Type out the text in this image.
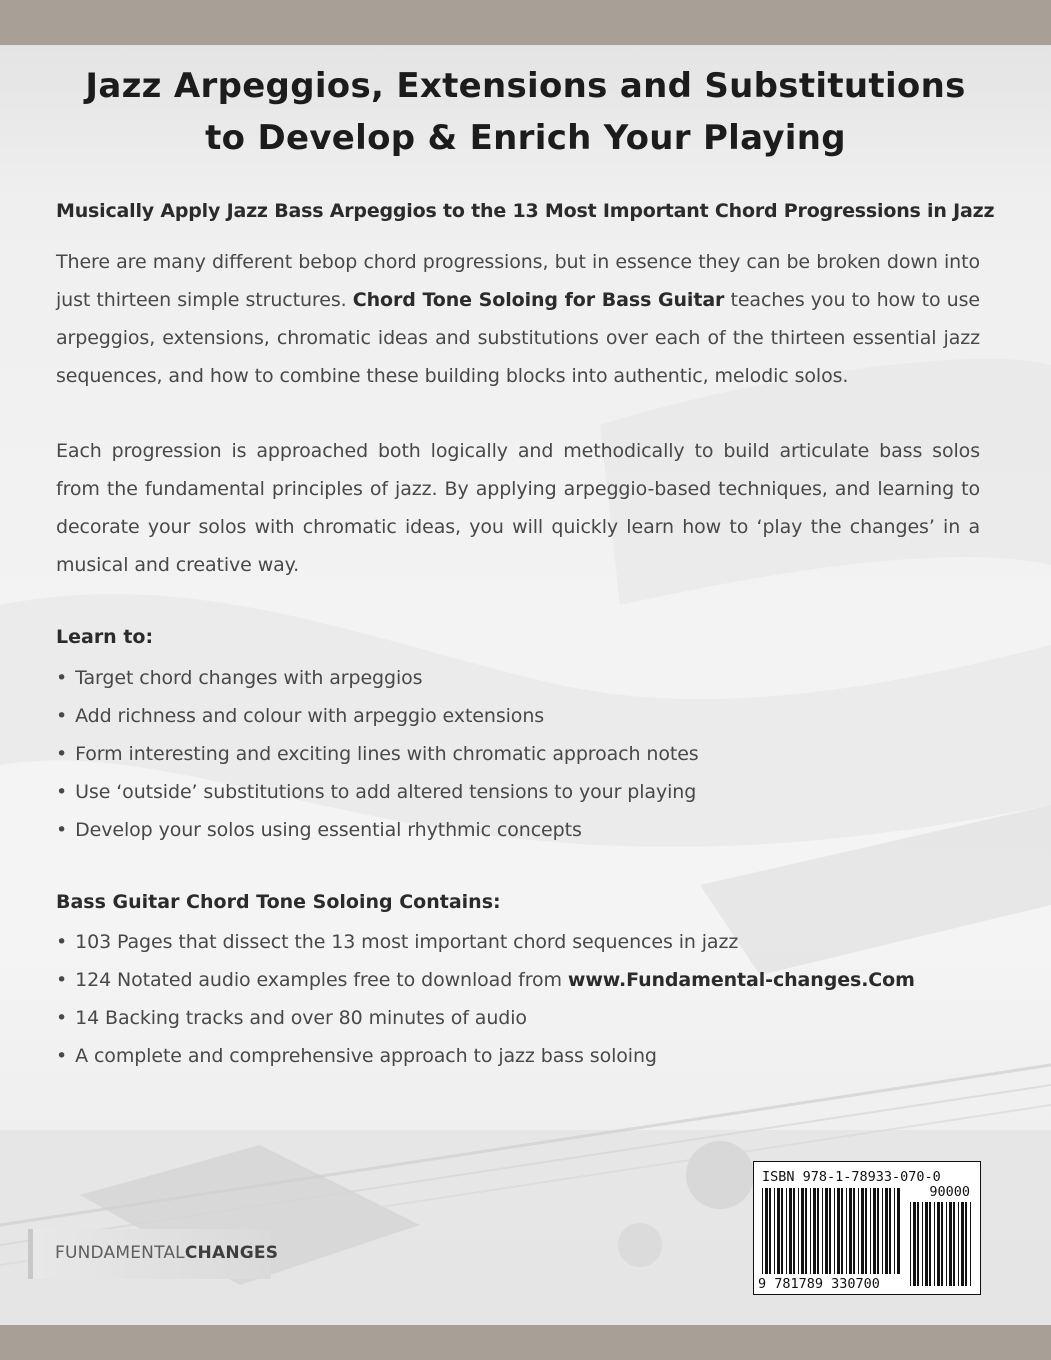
Jazz Arpeggios, Extensions and Substitutions
to Develop & Enrich Your Playing
Musically Apply Jazz Bass Arpeggios to the 13 Most Important Chord Progressions in Jazz
There are many different bebop chord progressions, but in essence they can be broken down into just thirteen simple structures. Chord Tone Soloing for Bass Guitar teaches you to how to use arpeggios, extensions, chromatic ideas and substitutions over each of the thirteen essential jazz sequences, and how to combine these building blocks into authentic, melodic solos.
Each progression is approached both logically and methodically to build articulate bass solos from the fundamental principles of jazz. By applying arpeggio-based techniques, and learning to decorate your solos with chromatic ideas, you will quickly learn how to ‘play the changes’ in a musical and creative way.
Learn to:
• Target chord changes with arpeggios
• Add richness and colour with arpeggio extensions
• Form interesting and exciting lines with chromatic approach notes
• Use ‘outside’ substitutions to add altered tensions to your playing
• Develop your solos using essential rhythmic concepts
Bass Guitar Chord Tone Soloing Contains:
• 103 Pages that dissect the 13 most important chord sequences in jazz
• 124 Notated audio examples free to download from www.Fundamental-changes.Com
• 14 Backing tracks and over 80 minutes of audio
• A complete and comprehensive approach to jazz bass soloing
FUNDAMENTALCHANGES
ISBN 978-1-78933-070-0
90000
9 781789 330700
